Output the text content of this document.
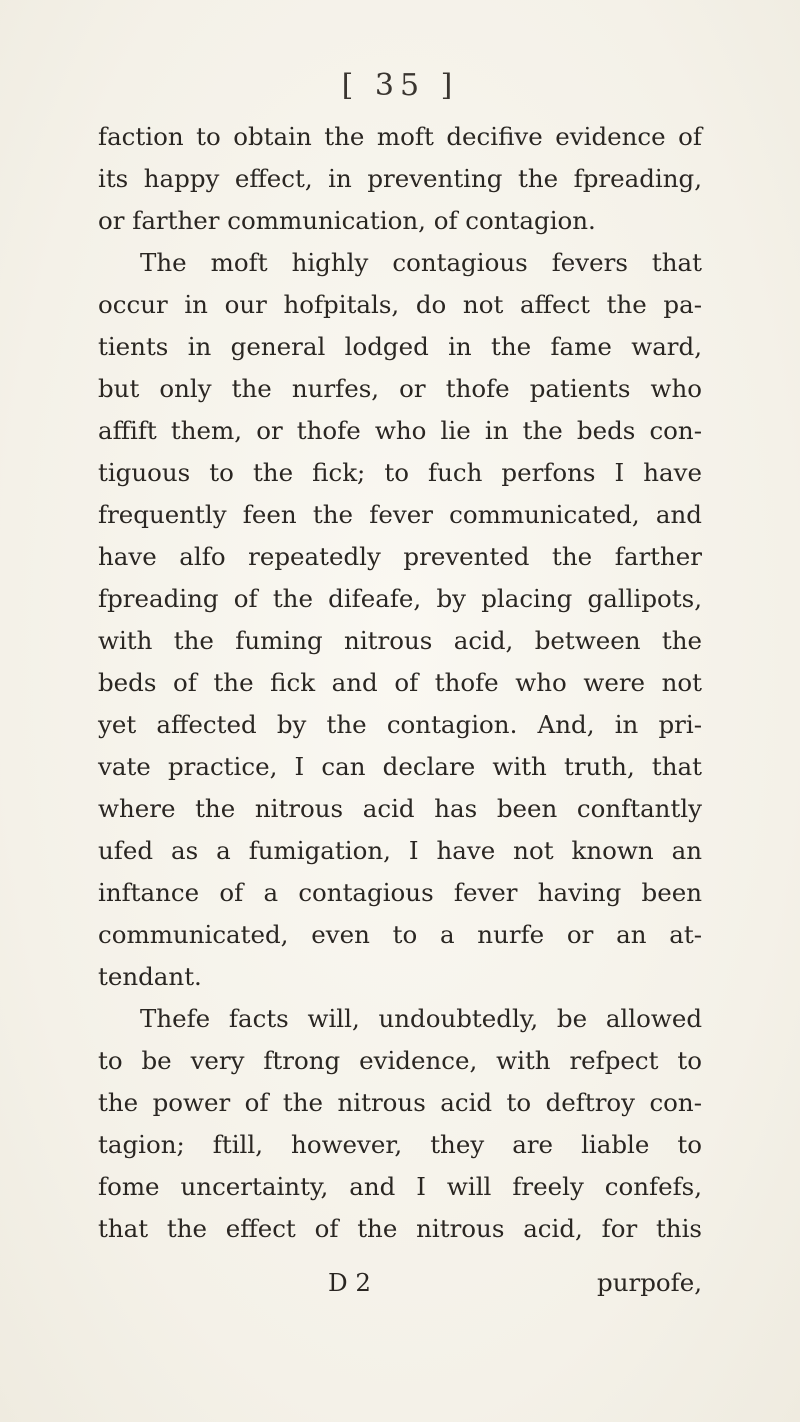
[ 35 ]
faction to obtain the moft decifive evidence of
its happy effect, in preventing the fpreading,
or farther communication, of contagion.
The moft highly contagious fevers that
occur in our hofpitals, do not affect the pa-
tients in general lodged in the fame ward,
but only the nurfes, or thofe patients who
affift them, or thofe who lie in the beds con-
tiguous to the fick; to fuch perfons I have
frequently feen the fever communicated, and
have alfo repeatedly prevented the farther
fpreading of the difeafe, by placing gallipots,
with the fuming nitrous acid, between the
beds of the fick and of thofe who were not
yet affected by the contagion. And, in pri-
vate practice, I can declare with truth, that
where the nitrous acid has been conftantly
ufed as a fumigation, I have not known an
inftance of a contagious fever having been
communicated, even to a nurfe or an at-
tendant.
Thefe facts will, undoubtedly, be allowed
to be very ftrong evidence, with refpect to
the power of the nitrous acid to deftroy con-
tagion; ftill, however, they are liable to
fome uncertainty, and I will freely confefs,
that the effect of the nitrous acid, for this
D 2	purpofe,
